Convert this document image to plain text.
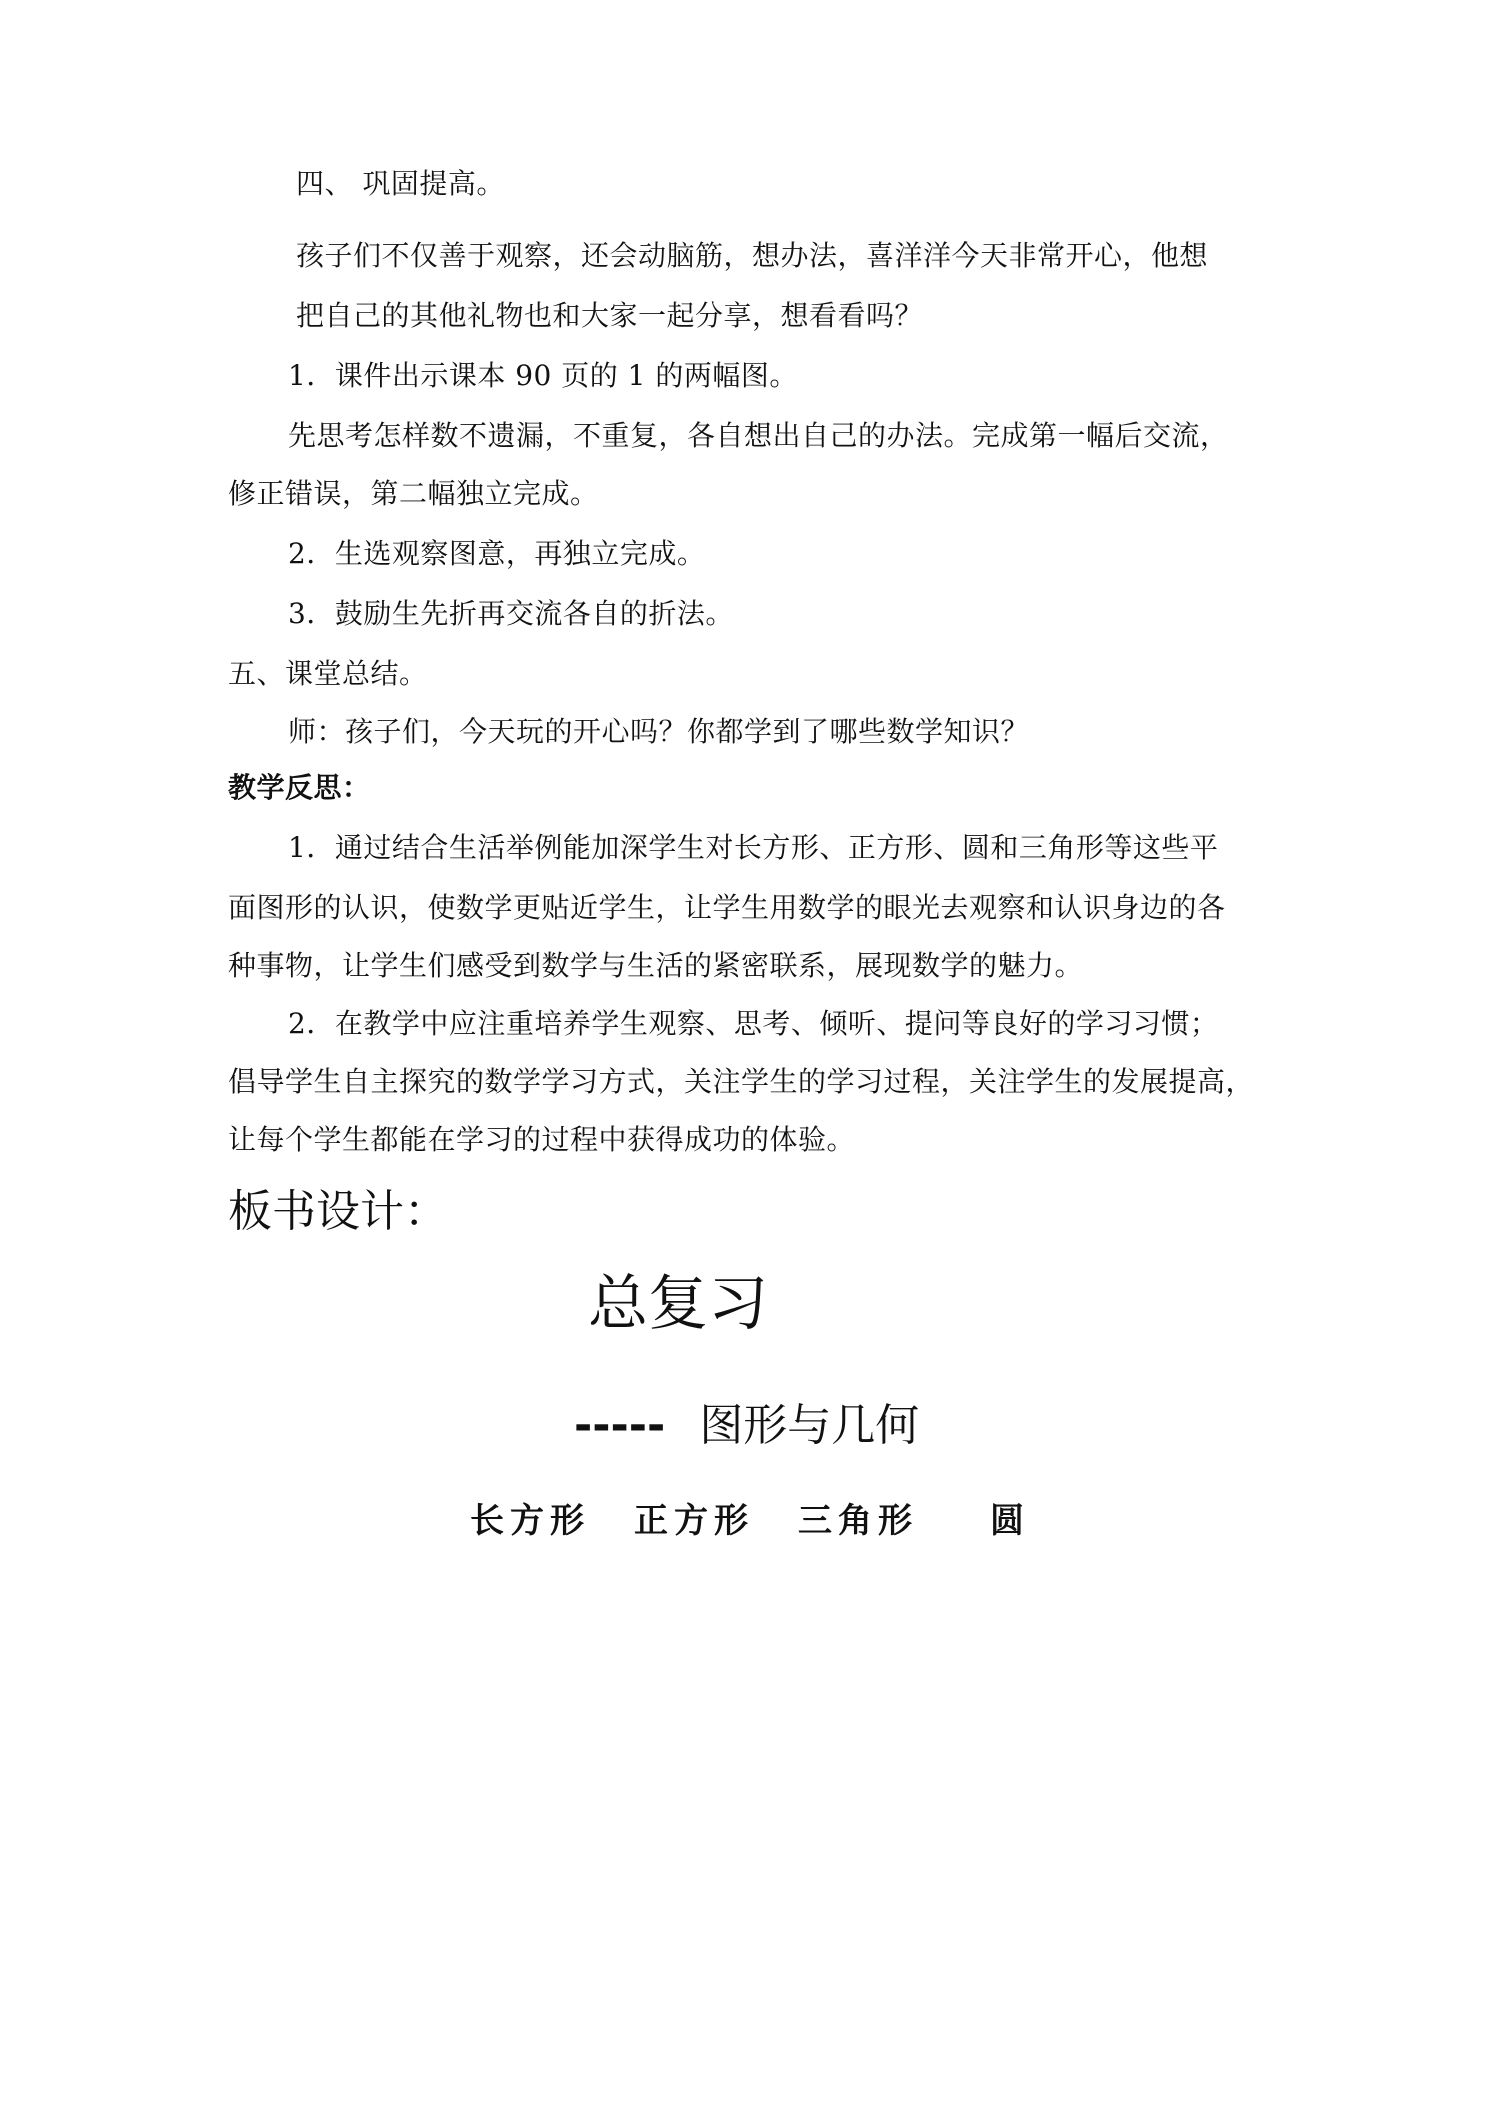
四、 巩固提高。
孩子们不仅善于观察，还会动脑筋，想办法，喜洋洋今天非常开心，他想
把自己的其他礼物也和大家一起分享，想看看吗？
1．课件出示课本 90 页的 1 的两幅图。
先思考怎样数不遗漏，不重复，各自想出自己的办法。完成第一幅后交流，
修正错误，第二幅独立完成。
2．生选观察图意，再独立完成。
3．鼓励生先折再交流各自的折法。
五、课堂总结。
师：孩子们，今天玩的开心吗？你都学到了哪些数学知识？
教学反思：
1．通过结合生活举例能加深学生对长方形、正方形、圆和三角形等这些平
面图形的认识，使数学更贴近学生，让学生用数学的眼光去观察和认识身边的各
种事物，让学生们感受到数学与生活的紧密联系，展现数学的魅力。
2．在教学中应注重培养学生观察、思考、倾听、提问等良好的学习习惯；
倡导学生自主探究的数学学习方式，关注学生的学习过程，关注学生的发展提高，
让每个学生都能在学习的过程中获得成功的体验。
板书设计：
总复习
----- 图形与几何
长方形 正方形 三角形 圆
